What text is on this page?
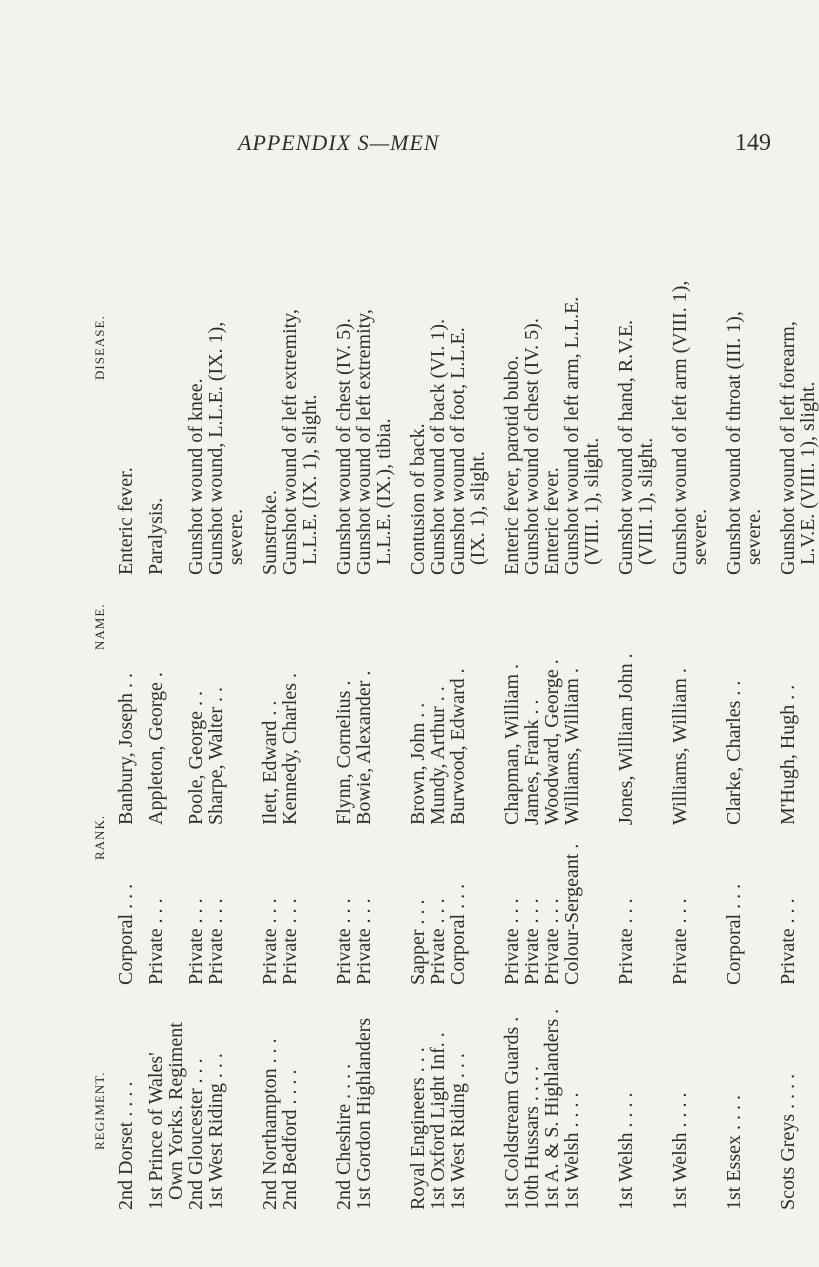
APPENDIX S—MEN	149
REGIMENT.
RANK.
NAME.
DISEASE.
2nd Dorset . . . .
Corporal . . .
Banbury, Joseph . .
Enteric fever.
1st Prince of Wales'
Own Yorks. Regiment
Private . . .
Appleton, George .
Paralysis.
2nd Gloucester . . .
Private . . .
Poole, George . .
Gunshot wound of knee.
1st West Riding . . .
Private . . .
Sharpe, Walter . .
Gunshot wound, L.L.E. (IX. 1),
severe.
2nd Northampton . . .
Private . . .
Ilett, Edward . .
Sunstroke.
2nd Bedford . . . .
Private . . .
Kennedy, Charles .
Gunshot wound of left extremity,
L.L.E. (IX. 1), slight.
2nd Cheshire . . . .
Private . . .
Flynn, Cornelius .
Gunshot wound of chest (IV. 5).
1st Gordon Highlanders
Private . . .
Bowie, Alexander .
Gunshot wound of left extremity,
L.L.E. (IX.), tibia.
Royal Engineers . . .
Sapper . . .
Brown, John . .
Contusion of back.
1st Oxford Light Inf. .
Private . . .
Mundy, Arthur . .
Gunshot wound of back (VI. 1).
1st West Riding . . .
Corporal . . .
Burwood, Edward .
Gunshot wound of foot, L.L.E.
(IX. 1), slight.
1st Coldstream Guards .
Private . . .
Chapman, William .
Enteric fever, parotid bubo.
10th Hussars . . . .
Private . . .
James, Frank . .
Gunshot wound of chest (IV. 5).
1st A. & S. Highlanders .
Private . . .
Woodward, George .
Enteric fever.
1st Welsh . . . .
Colour-Sergeant .
Williams, William .
Gunshot wound of left arm, L.L.E.
(VIII. 1), slight.
1st Welsh . . . .
Private . . .
Jones, William John .
Gunshot wound of hand, R.V.E.
(VIII. 1), slight.
1st Welsh . . . .
Private . . .
Williams, William .
Gunshot wound of left arm (VIII. 1),
severe.
1st Essex . . . .
Corporal . . .
Clarke, Charles . .
Gunshot wound of throat (III. 1),
severe.
Scots Greys . . . .
Private . . .
M'Hugh, Hugh . .
Gunshot wound of left forearm,
L.V.E. (VIII. 1), slight.
